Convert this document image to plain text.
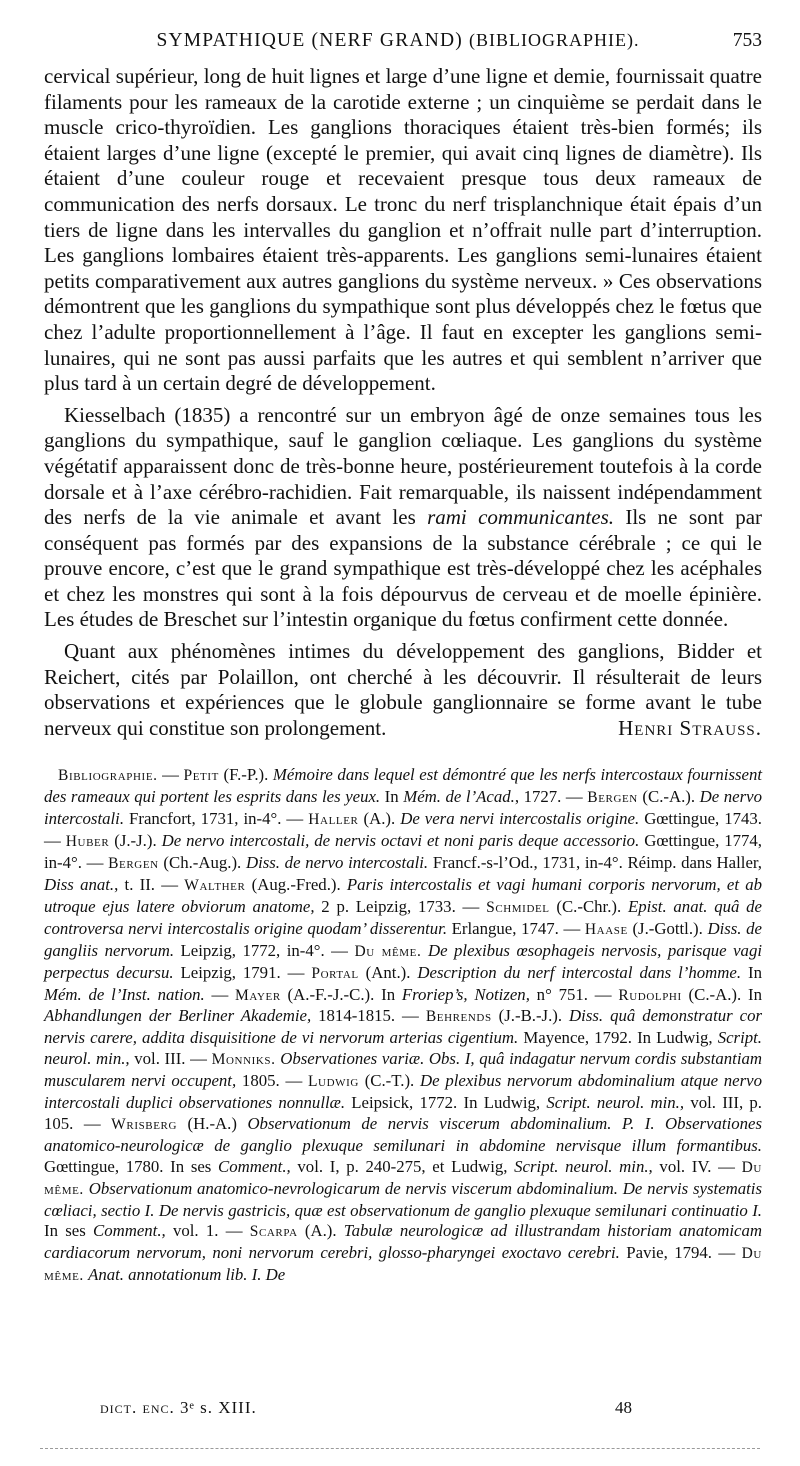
SYMPATHIQUE (NERF GRAND) (BIBLIOGRAPHIE).	753

cervical supérieur, long de huit lignes et large d’une ligne et demie, fournissait quatre filaments pour les rameaux de la carotide externe ; un cinquième se perdait dans le muscle crico-thyroïdien. Les ganglions thoraciques étaient très-bien formés; ils étaient larges d’une ligne (excepté le premier, qui avait cinq lignes de diamètre). Ils étaient d’une couleur rouge et recevaient presque tous deux rameaux de communication des nerfs dorsaux. Le tronc du nerf trisplanchnique était épais d’un tiers de ligne dans les intervalles du ganglion et n’offrait nulle part d’interruption. Les ganglions lombaires étaient très-apparents. Les ganglions semi-lunaires étaient petits comparativement aux autres ganglions du système nerveux. » Ces observations démontrent que les ganglions du sympathique sont plus développés chez le fœtus que chez l’adulte proportionnellement à l’âge. Il faut en excepter les ganglions semi-lunaires, qui ne sont pas aussi parfaits que les autres et qui semblent n’arriver que plus tard à un certain degré de développement.

Kiesselbach (1835) a rencontré sur un embryon âgé de onze semaines tous les ganglions du sympathique, sauf le ganglion cœliaque. Les ganglions du système végétatif apparaissent donc de très-bonne heure, postérieurement toutefois à la corde dorsale et à l’axe cérébro-rachidien. Fait remarquable, ils naissent indépendamment des nerfs de la vie animale et avant les rami communicantes. Ils ne sont par conséquent pas formés par des expansions de la substance cérébrale ; ce qui le prouve encore, c’est que le grand sympathique est très-développé chez les acéphales et chez les monstres qui sont à la fois dépourvus de cerveau et de moelle épinière. Les études de Breschet sur l’intestin organique du fœtus confirment cette donnée.

Quant aux phénomènes intimes du développement des ganglions, Bidder et Reichert, cités par Polaillon, ont cherché à les découvrir. Il résulterait de leurs observations et expériences que le globule ganglionnaire se forme avant le tube nerveux qui constitue son prolongement.	Henri Strauss.

Bibliographie. — Petit (F.-P.). Mémoire dans lequel est démontré que les nerfs intercostaux fournissent des rameaux qui portent les esprits dans les yeux. In Mém. de l’Acad., 1727. — Bergen (C.-A.). De nervo intercostali. Francfort, 1731, in-4°. — Haller (A.). De vera nervi intercostalis origine. Gœttingue, 1743. — Huber (J.-J.). De nervo intercostali, de nervis octavi et noni paris deque accessorio. Gœttingue, 1774, in-4°. — Bergen (Ch.-Aug.). Diss. de nervo intercostali. Francf.-s-l’Od., 1731, in-4°. Réimp. dans Haller, Diss anat., t. II. — Walther (Aug.-Fred.). Paris intercostalis et vagi humani corporis nervorum, et ab utroque ejus latere obviorum anatome, 2 p. Leipzig, 1733. — Schmidel (C.-Chr.). Epist. anat. quâ de controversa nervi intercostalis origine quodam’ disserentur. Erlangue, 1747. — Haase (J.-Gottl.). Diss. de gangliis nervorum. Leipzig, 1772, in-4°. — Du même. De plexibus œsophageis nervosis, parisque vagi perpectus decursu. Leipzig, 1791. — Portal (Ant.). Description du nerf intercostal dans l’homme. In Mém. de l’Inst. nation. — Mayer (A.-F.-J.-C.). In Froriep’s, Notizen, n° 751. — Rudolphi (C.-A.). In Abhandlungen der Berliner Akademie, 1814-1815. — Behrends (J.-B.-J.). Diss. quâ demonstratur cor nervis carere, addita disquisitione de vi nervorum arterias cigentium. Mayence, 1792. In Ludwig, Script. neurol. min., vol. III. — Monniks. Observationes variæ. Obs. I, quâ indagatur nervum cordis substantiam muscularem nervi occupent, 1805. — Ludwig (C.-T.). De plexibus nervorum abdominalium atque nervo intercostali duplici observationes nonnullæ. Leipsick, 1772. In Ludwig, Script. neurol. min., vol. III, p. 105. — Wrisberg (H.-A.) Observationum de nervis viscerum abdominalium. P. I. Observationes anatomico-neurologicæ de ganglio plexuque semilunari in abdomine nervisque illum formantibus. Gœttingue, 1780. In ses Comment., vol. I, p. 240-275, et Ludwig, Script. neurol. min., vol. IV. — Du même. Observationum anatomico-nevrologicarum de nervis viscerum abdominalium. De nervis systematis cœliaci, sectio I. De nervis gastricis, quæ est observationum de ganglio plexuque semilunari continuatio I. In ses Comment., vol. 1. — Scarpa (A.). Tabulæ neurologicæ ad illustrandam historiam anatomicam cardiacorum nervorum, noni nervorum cerebri, glosso-pharyngei exoctavo cerebri. Pavie, 1794. — Du même. Anat. annotationum lib. I. De
dict. enc. 3ᵉ s. XIII.	48
